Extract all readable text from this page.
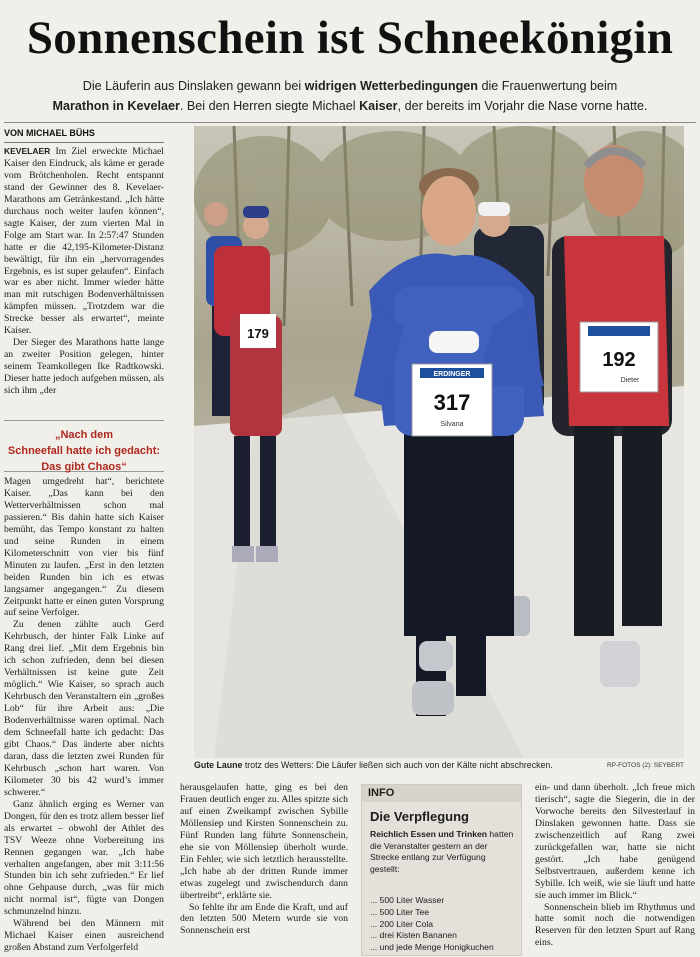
Sonnenschein ist Schneekönigin
Die Läuferin aus Dinslaken gewann bei widrigen Wetterbedingungen die Frauenwertung beim
Marathon in Kevelaer. Bei den Herren siegte Michael Kaiser, der bereits im Vorjahr die Nase vorne hatte.
VON MICHAEL BÜHS

KEVELAER Im Ziel erweckte Michael Kaiser den Eindruck, als käme er gerade vom Brötchenholen. Recht entspannt stand der Gewinner des 8. Kevelaer-Marathons am Getränkestand. „Ich hätte durchaus noch weiter laufen können“, sagte Kaiser, der zum vierten Mal in Folge am Start war. In 2:57:47 Stunden hatte er die 42,195-Kilometer-Distanz bewältigt, für ihn ein „hervorragendes Ergebnis, es ist super gelaufen“. Einfach war es aber nicht. Immer wieder hätte man mit rutschigen Bodenverhältnissen kämpfen müssen. „Trotzdem war die Strecke besser als erwartet“, meinte Kaiser.

Der Sieger des Marathons hatte lange an zweiter Position gelegen, hinter seinem Teamkollegen Ike Radtkowski. Dieser hatte jedoch aufgeben müssen, als sich ihm „der

„Nach dem
Schneefall hatte ich gedacht:
Das gibt Chaos“

Magen umgedreht hat“, berichtete Kaiser. „Das kann bei den Wetterverhältnissen schon mal passieren.“ Bis dahin hatte sich Kaiser bemüht, das Tempo konstant zu halten und seine Runden in einem Kilometerschnitt von vier bis fünf Minuten zu laufen. „Erst in den letzten beiden Runden bin ich es etwas langsamer angegangen.“ Zu diesem Zeitpunkt hatte er einen guten Vorsprung auf seine Verfolger.

Zu denen zählte auch Gerd Kehrbusch, der hinter Falk Linke auf Rang drei lief. „Mit dem Ergebnis bin ich schon zufrieden, denn bei diesen Verhältnissen ist keine gute Zeit möglich.“ Wie Kaiser, so sprach auch Kehrbusch den Veranstaltern ein „großes Lob“ für ihre Arbeit aus: „Die Bodenverhältnisse waren optimal. Nach dem Schneefall hatte ich gedacht: Das gibt Chaos.“ Das änderte aber nichts daran, dass die letzten zwei Runden für Kehrbusch „schon hart waren. Von Kilometer 30 bis 42 wurd’s immer schwerer.“

Ganz ähnlich erging es Werner van Dongen, für den es trotz allem besser lief als erwartet – obwohl der Athlet des TSV Weeze ohne Vorbereitung ins Rennen gegangen war. „Ich habe verhalten angefangen, aber mit 3:11:56 Stunden bin ich sehr zufrieden.“ Er lief ohne Gehpause durch, „was für mich nicht normal ist“, fügte van Dongen schmunzelnd hinzu.

Während bei den Männern mit Michael Kaiser einen ausreichend großen Abstand zum Verfolgerfeld

179
ERDINGER
317
Silvana
192
Dieter
Gute Laune trotz des Wetters: Die Läufer ließen sich auch von der Kälte nicht abschrecken.	RP-FOTOS (2): SEYBERT

herausgelaufen hatte, ging es bei den Frauen deutlich enger zu. Alles spitzte sich auf einen Zweikampf zwischen Sybille Möllensiep und Kirsten Sonnenschein zu. Fünf Runden lang führte Sonnenschein, ehe sie von Möllensiep überholt wurde. Ein Fehler, wie sich letztlich herausstellte. „Ich habe ab der dritten Runde immer etwas zugelegt und zwischendurch dann übertreibt“, erklärte sie.

So fehlte ihr am Ende die Kraft, und auf den letzten 500 Metern wurde sie von Sonnenschein erst

INFO
Die Verpflegung
Reichlich Essen und Trinken hatten die Veranstalter gestern an der Strecke entlang zur Verfügung gestellt:
... 500 Liter Wasser
... 500 Liter Tee
... 200 Liter Cola
... drei Kisten Bananen
... und jede Menge Honigkuchen

ein- und dann überholt. „Ich freue mich tierisch“, sagte die Siegerin, die in der Vorwoche bereits den Silvesterlauf in Dinslaken gewonnen hatte. Dass sie zwischenzeitlich auf Rang zwei zurückgefallen war, hatte sie nicht gestört. „Ich habe genügend Selbstvertrauen, außerdem kenne ich Sybille. Ich weiß, wie sie läuft und hatte sie auch immer im Blick.“

Sonnenschein blieb im Rhythmus und hatte somit noch die notwendigen Reserven für den letzten Spurt auf Rang eins.
